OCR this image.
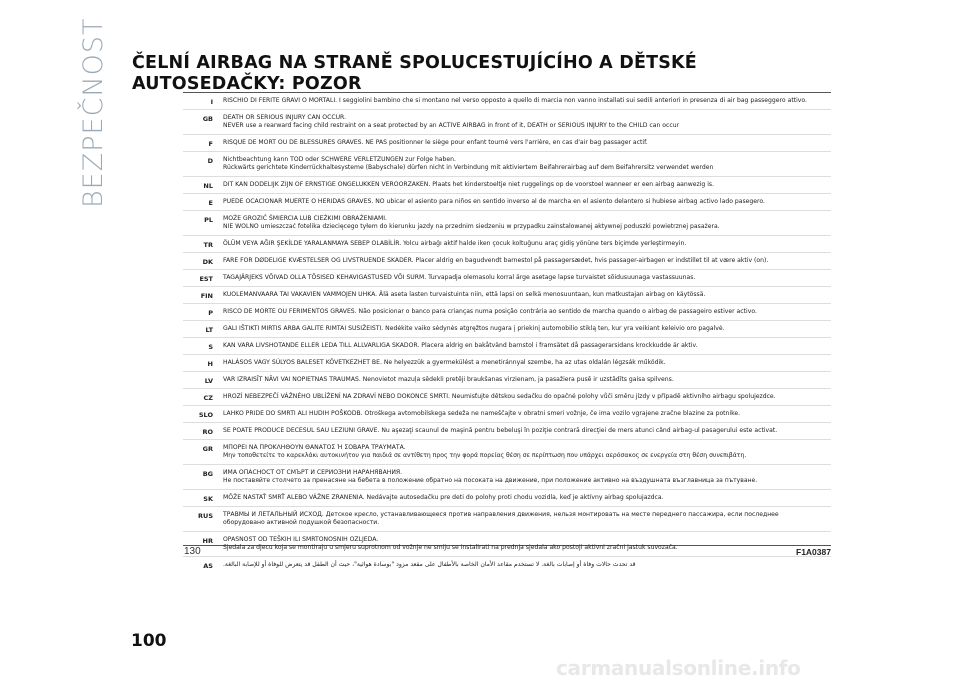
BEZPEČNOST ČELNÍ AIRBAG NA STRANĚ SPOLUCESTUJÍCÍHO A DĚTSKÉ AUTOSEDAČKY: POZOR
I RISCHIO DI FERITE GRAVI O MORTALI. I seggiolini bambino che si montano nel verso opposto a quello di marcia non vanno installati sui sedili anteriori in presenza di air bag passeggero attivo.
GB DEATH OR SERIOUS INJURY CAN OCCUR.
NEVER use a rearward facing child restraint on a seat protected by an ACTIVE AIRBAG in front of it, DEATH or SERIOUS INJURY to the CHILD can occur
F RISQUE DE MORT OU DE BLESSURES GRAVES. NE PAS positionner le siège pour enfant tourné vers l'arrière, en cas d'air bag passager actif.
D Nichtbeachtung kann TOD oder SCHWERE VERLETZUNGEN zur Folge haben.
Rückwärts gerichtete Kinderrückhaltesysteme (Babyschale) dürfen nicht in Verbindung mit aktiviertem Beifahrerairbag auf dem Beifahrersitz verwendet werden
NL DIT KAN DODELIJK ZIJN OF ERNSTIGE ONGELUKKEN VEROORZAKEN. Plaats het kinderstoeltje niet ruggelings op de voorstoel wanneer er een airbag aanwezig is.
E PUEDE OCACIONAR MUERTE O HERIDAS GRAVES. NO ubicar el asiento para niños en sentido inverso al de marcha en el asiento delantero si hubiese airbag activo lado pasegero.
PL MOŻE GROZIĆ ŚMIERCIA LUB CIEŻKIMI OBRAŻENIAMI.
NIE WOLNO umieszczać fotelika dziecięcego tyłem do kierunku jazdy na przednim siedzeniu w przypadku zainstalowanej aktywnej poduszki powietrznej pasażera.
TR ÖLÜM VEYA AĞIR ŞEKİLDE YARALANMAYA SEBEP OLABİLİR. Yolcu airbağı aktif halde iken çocuk koltuğunu araç gidiş yönüne ters biçimde yerleştirmeyin.
DK FARE FOR DØDELIGE KVÆSTELSER OG LIVSTRUENDE SKADER. Placer aldrig en bagudvendt barnestol på passagersædet, hvis passager-airbagen er indstillet til at være aktiv (on).
EST TAGAJÄRJEKS VÕIVAD OLLA TÕSISED KEHAVIGASTUSED VÕI SURM. Turvapadja olemasolu korral ärge asetage lapse turvaistet sõidusuunaga vastassuunas.
FIN KUOLEMANVAARA TAI VAKAVIEN VAMMOJEN UHKA. Älä aseta lasten turvaistuinta niin, että lapsi on selkä menosuuntaan, kun matkustajan airbag on käytössä.
P RISCO DE MORTE OU FERIMENTOS GRAVES. Não posicionar o banco para crianças numa posição contrária ao sentido de marcha quando o airbag de passageiro estiver activo.
LT GALI IŠTIKTI MIRTIS ARBA GALITE RIMTAI SUSIŽEISTI. Nedėkite vaiko sėdynės atgręžtos nugara į priekinį automobilio stiklą ten, kur yra veikiant keleivio oro pagalvė.
S KAN VARA LIVSHOTANDE ELLER LEDA TILL ALLVARLIGA SKADOR. Placera aldrig en bakåtvänd barnstol i framsätet då passagerarsidans krockkudde är aktiv.
H HALÁSOS VAGY SÚLYOS BALESET KÖVETKEZHET BE. Ne helyezzük a gyermekülést a menetiránnyal szembe, ha az utas oldalán légzsák működik.
LV VAR IZRAISĪT NĀVI VAI NOPIETNAS TRAUMAS. Nenovietot mazuļa sēdekli pretēji braukšanas virzienam, ja pasažiera pusē ir uzstādīts gaisa spilvens.
CZ HROZÍ NEBEZPEČÍ VÁŽNÉHO UBLÍŽENÍ NA ZDRAVÍ NEBO DOKONCE SMRTI. Neumisťujte dětskou sedačku do opačné polohy vůči směru jízdy v případě aktivního airbagu spolujezdce.
SLO LAHKO PRIDE DO SMRTI ALI HUDIH POŠKODB. Otroškega avtomobilskega sedeža ne nameščajte v obratni smeri vožnje, če ima vozilo vgrajene zračne blazine za potnike.
RO SE POATE PRODUCE DECESUL SAU LEZIUNI GRAVE. Nu aşezaţi scaunul de maşină pentru bebeluşi în poziţie contrară direcţiei de mers atunci când airbag-ul pasagerului este activat.
GR ΜΠΟΡΕΙ ΝΑ ΠΡΟΚΛΗΘΟΥΝ ΘΑΝΑΤΟΣ Ή ΣΟΒΑΡΑ ΤΡΑΥΜΑΤΑ.
Μην τοποθετείτε το καρεκλάκι αυτοκινήτου για παιδιά σε αντίθετη προς την φορά πορείας θέση σε περίπτωση που υπάρχει αερόσακος σε ενεργεία στη θέση συνεπιβάτη.
BG ИМА ОПАСНОСТ ОТ СМЪРТ И СЕРИОЗНИ НАРАНЯВАНИЯ.
Не поставяйте столчето за пренасяне на бебета в положение обратно на посоката на движение, при положение активно на въздушната възглавница за пътуване.
SK MÔŽE NASTAŤ SMRŤ ALEBO VÁŽNE ZRANENIA. Nedávajte autosedačku pre deti do polohy proti chodu vozidla, keď je aktívny airbag spolujazdca.
RUS ТРАВМЫ И ЛЕТАЛЬНЫЙ ИСХОД. Детское кресло, устанавливающееся против направления движения, нельзя монтировать на месте переднего пассажира, если последнее
оборудовано активной подушкой безопасности.
HR OPASNOST OD TEŠKIH ILI SMRTONOSNIH OZLJEDA.
Sjedala za djecu koja se montiraju u smjeru suprotnom od vožnje ne smiju se instalirati na prednja sjedala ako postoji aktivni zračni jastuk suvozača.
AS قد تحدث حالات وفاة أو إصابات بالغة. لا تستخدم مقاعد الأمان الخاصة بالأطفال على مقعد مزود "بوسادة هوائية"، حيث أن الطفل قد يتعرض للوفاة أو للإصابة البالغة.
130	F1A0387
100
carmanualsonline.info
